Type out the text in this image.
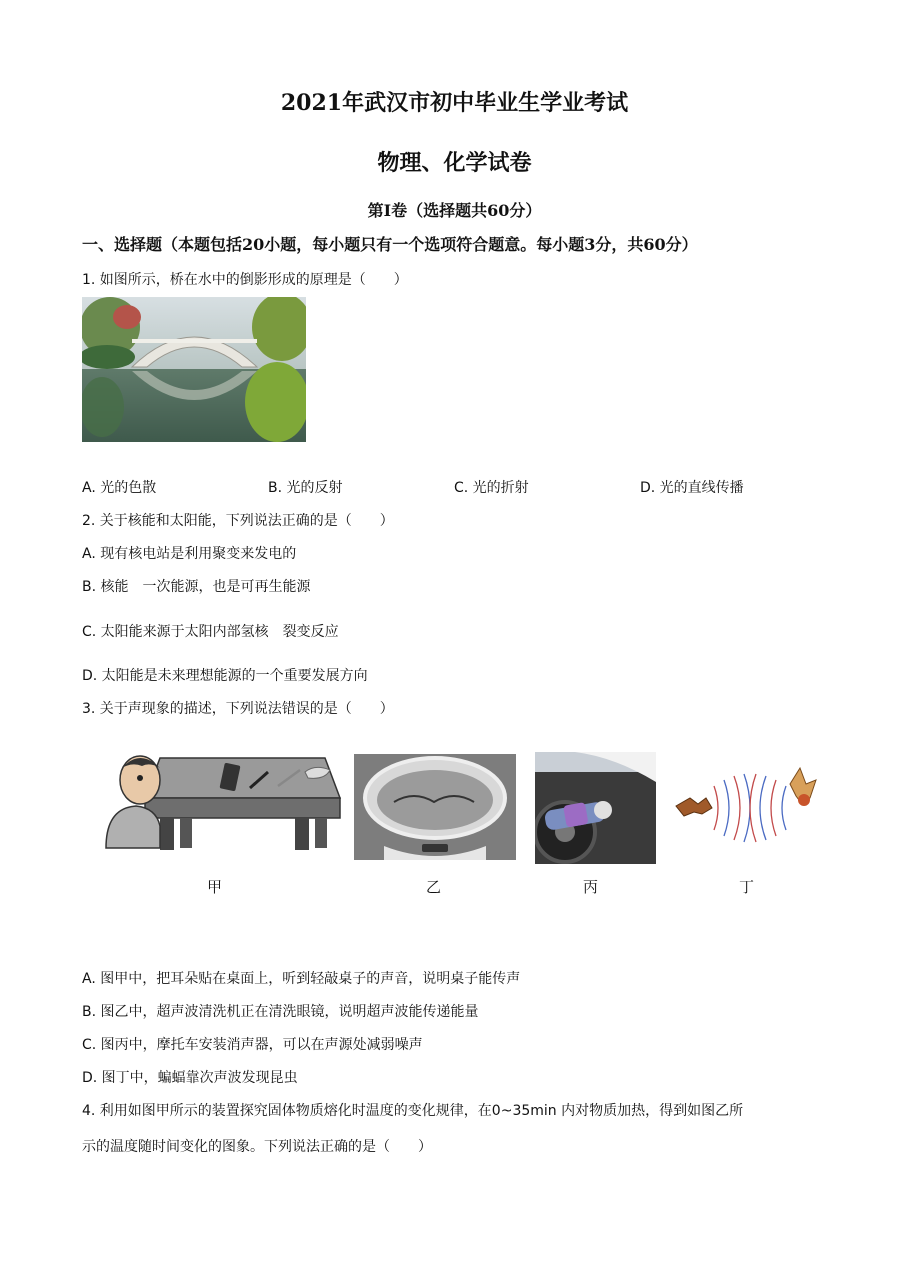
2021年武汉市初中毕业生学业考试
物理、化学试卷
第Ⅰ卷（选择题共60分）
一、选择题（本题包括20小题，每小题只有一个选项符合题意。每小题3分，共60分）
1. 如图所示，桥在水中的倒影形成的原理是（　　）
A. 光的色散	B. 光的反射	C. 光的折射	D. 光的直线传播
2. 关于核能和太阳能，下列说法正确的是（　　）
A. 现有核电站是利用聚变来发电的
B. 核能　一次能源，也是可再生能源
C. 太阳能来源于太阳内部氢核　裂变反应
D. 太阳能是未来理想能源的一个重要发展方向
3. 关于声现象的描述，下列说法错误的是（　　）
甲	乙	丙	丁
A. 图甲中，把耳朵贴在桌面上，听到轻敲桌子的声音，说明桌子能传声
B. 图乙中，超声波清洗机正在清洗眼镜，说明超声波能传递能量
C. 图丙中，摩托车安装消声器，可以在声源处减弱噪声
D. 图丁中，蝙蝠靠次声波发现昆虫
4. 利用如图甲所示的装置探究固体物质熔化时温度的变化规律，在0~35min 内对物质加热，得到如图乙所
示的温度随时间变化的图象。下列说法正确的是（　　）
